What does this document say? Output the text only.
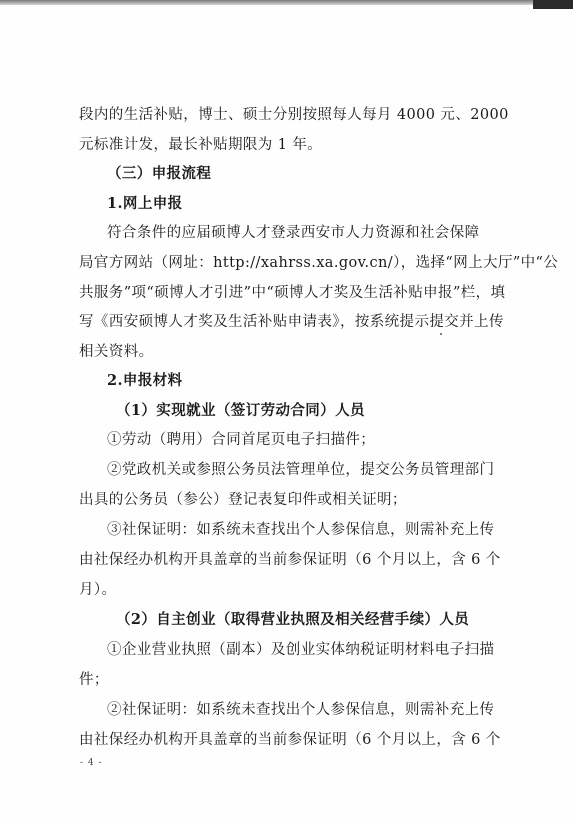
段内的生活补贴，博士、硕士分别按照每人每月 4000 元、2000
元标准计发，最长补贴期限为 1 年。
（三）申报流程
1.网上申报
符合条件的应届硕博人才登录西安市人力资源和社会保障
局官方网站（网址：http://xahrss.xa.gov.cn/），选择“网上大厅”中“公
共服务”项“硕博人才引进”中“硕博人才奖及生活补贴申报”栏，填
写《西安硕博人才奖及生活补贴申请表》，按系统提示提交并上传
相关资料。
2.申报材料
（1）实现就业（签订劳动合同）人员
①劳动（聘用）合同首尾页电子扫描件；
②党政机关或参照公务员法管理单位，提交公务员管理部门
出具的公务员（参公）登记表复印件或相关证明；
③社保证明：如系统未查找出个人参保信息，则需补充上传
由社保经办机构开具盖章的当前参保证明（6 个月以上，含 6 个
月）。
（2）自主创业（取得营业执照及相关经营手续）人员
①企业营业执照（副本）及创业实体纳税证明材料电子扫描
件；
②社保证明：如系统未查找出个人参保信息，则需补充上传
由社保经办机构开具盖章的当前参保证明（6 个月以上，含 6 个
- 4 -
